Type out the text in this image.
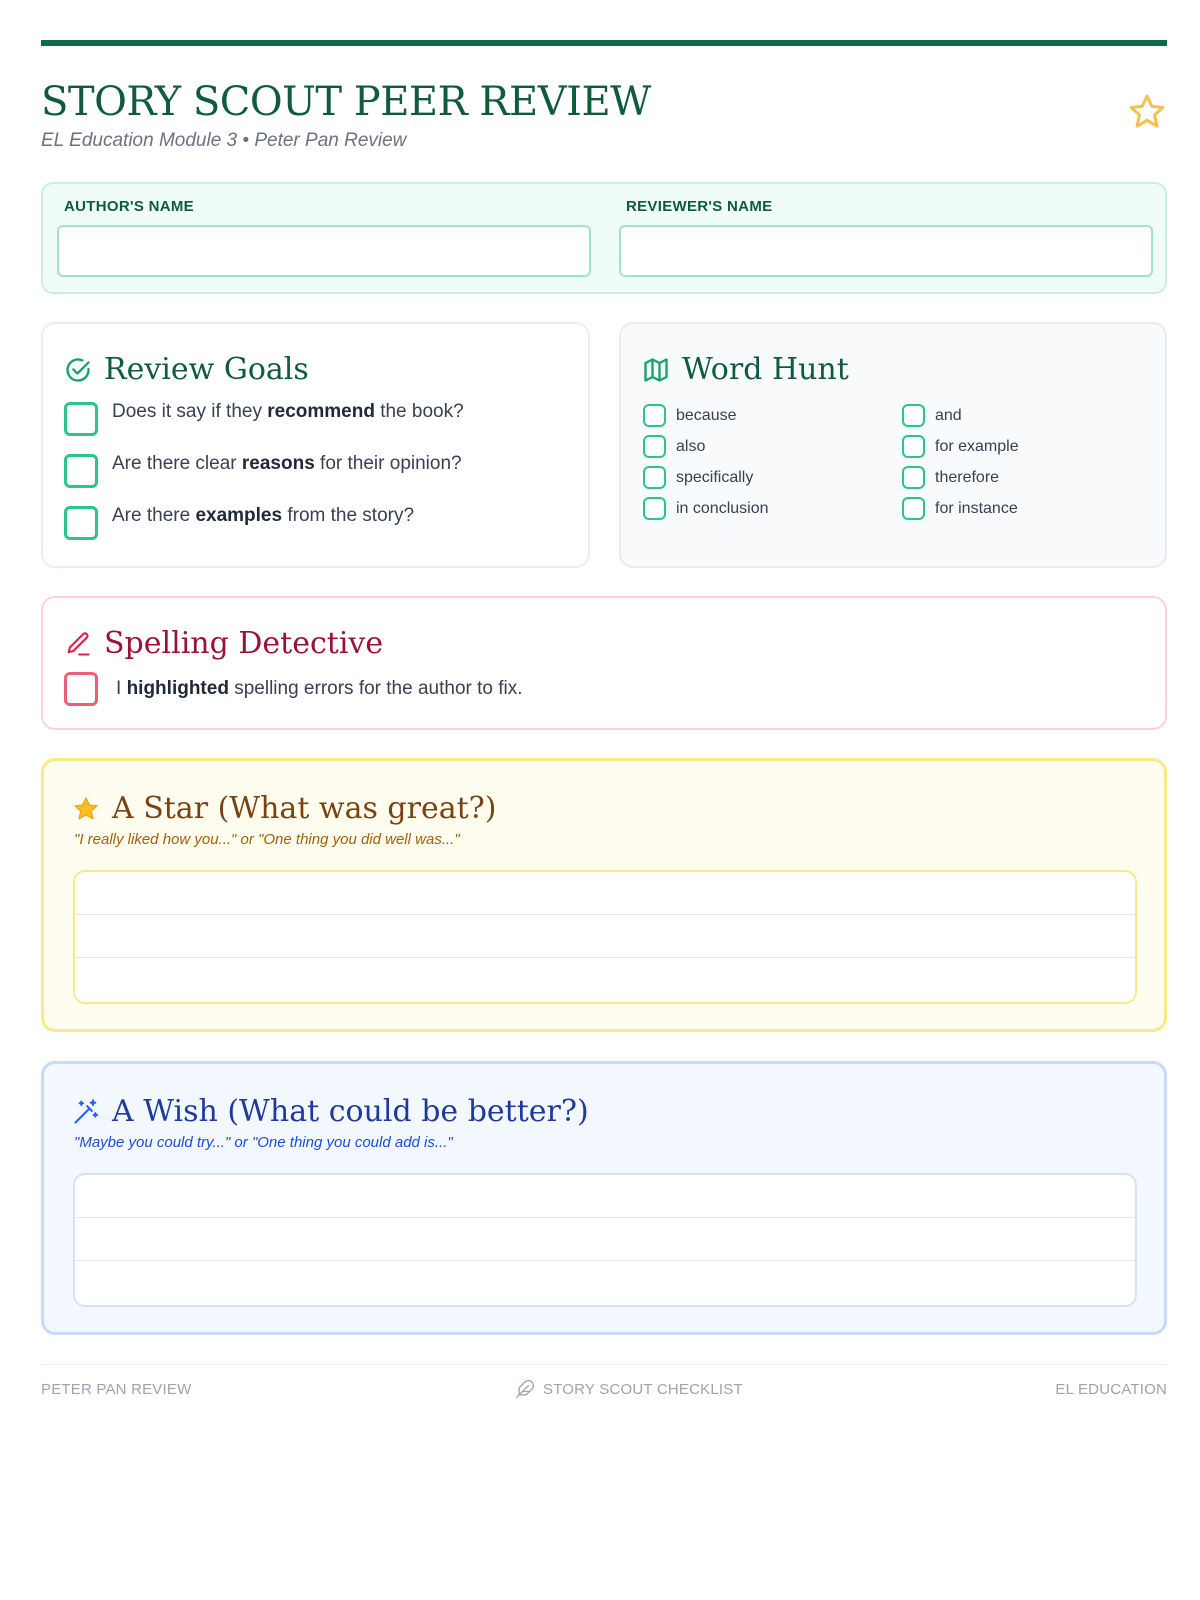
STORY SCOUT PEER REVIEW
EL Education Module 3 • Peter Pan Review
AUTHOR'S NAME	REVIEWER'S NAME
Review Goals
Does it say if they recommend the book?
Are there clear reasons for their opinion?
Are there examples from the story?
Word Hunt
because
also
specifically
in conclusion
and
for example
therefore
for instance
Spelling Detective
I highlighted spelling errors for the author to fix.
A Star (What was great?)
"I really liked how you..." or "One thing you did well was..."
A Wish (What could be better?)
"Maybe you could try..." or "One thing you could add is..."
PETER PAN REVIEW	STORY SCOUT CHECKLIST	EL EDUCATION
